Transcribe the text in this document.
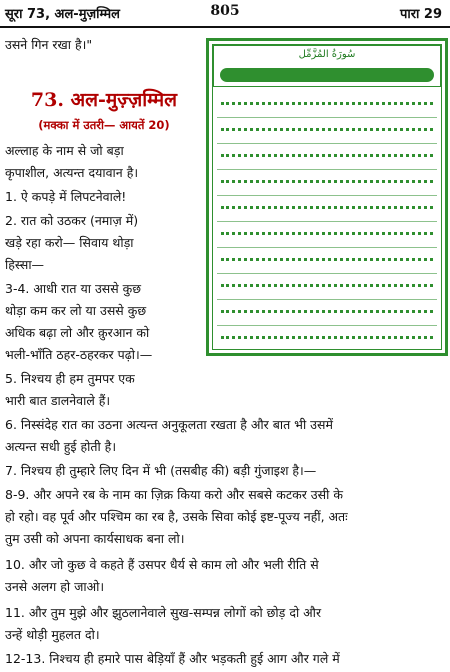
सूरा 73, अल-मुज़म्मिल	805	पारा 29
उसने गिन रखा है।"
73. अल-मुज़्ज़म्मिल
(मक्का में उतरी— आयतें 20)
سُورَةُ المُزَّمِّل
अल्लाह के नाम से जो बड़ा
कृपाशील, अत्यन्त दयावान है।
1. ऐ कपड़े में लिपटनेवाले!
2. रात को उठकर (नमाज़ में)
खड़े रहा करो— सिवाय थोड़ा
हिस्सा—
3-4. आधी रात या उससे कुछ
थोड़ा कम कर लो या उससे कुछ
अधिक बढ़ा लो और क़ुरआन को
भली-भाँति ठहर-ठहरकर पढ़ो।—
5. निश्चय ही हम तुमपर एक
भारी बात डालनेवाले हैं।
6. निस्संदेह रात का उठना अत्यन्त अनुकूलता रखता है और बात भी उसमें
अत्यन्त सधी हुई होती है।
7. निश्चय ही तुम्हारे लिए दिन में भी (तसबीह की) बड़ी गुंजाइश है।—
8-9. और अपने रब के नाम का ज़िक्र किया करो और सबसे कटकर उसी के
हो रहो। वह पूर्व और पश्चिम का रब है, उसके सिवा कोई इष्ट-पूज्य नहीं, अतः
तुम उसी को अपना कार्यसाधक बना लो।
10. और जो कुछ वे कहते हैं उसपर धैर्य से काम लो और भली रीति से
उनसे अलग हो जाओ।
11. और तुम मुझे और झुठलानेवाले सुख-सम्पन्न लोगों को छोड़ दो और
उन्हें थोड़ी मुहलत दो।
12-13. निश्चय ही हमारे पास बेड़ियाँ हैं और भड़कती हुई आग और गले में
